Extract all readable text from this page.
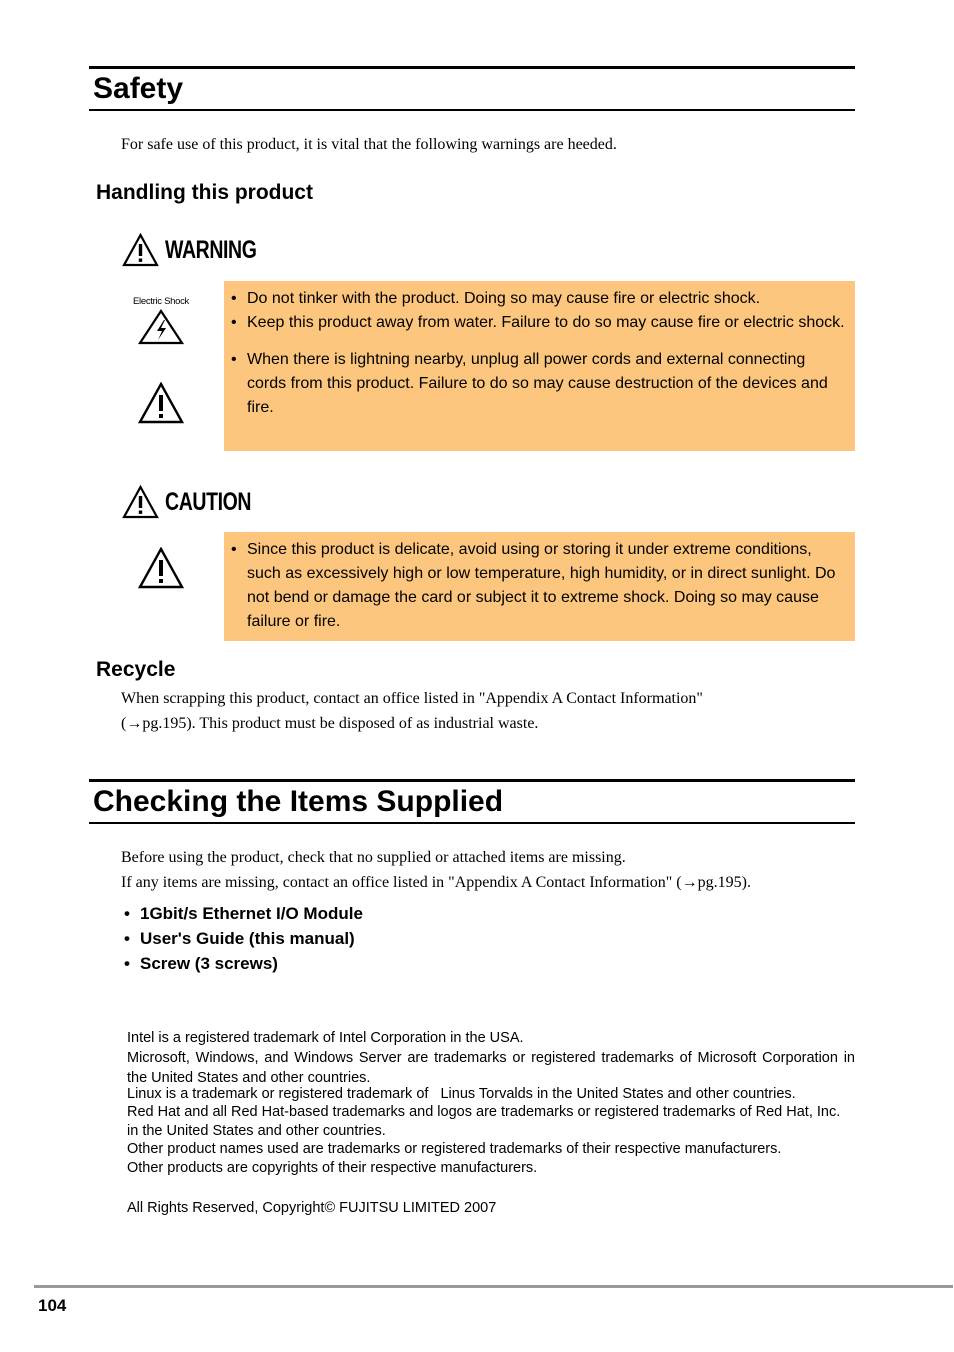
Safety
For safe use of this product, it is vital that the following warnings are heeded.
Handling this product
WARNING
Electric Shock	• Do not tinker with the product. Doing so may cause fire or electric shock.
• Keep this product away from water. Failure to do so may cause fire or electric shock.
• When there is lightning nearby, unplug all power cords and external connecting cords from this product. Failure to do so may cause destruction of the devices and fire.
CAUTION
• Since this product is delicate, avoid using or storing it under extreme conditions, such as excessively high or low temperature, high humidity, or in direct sunlight. Do not bend or damage the card or subject it to extreme shock. Doing so may cause failure or fire.
Recycle
When scrapping this product, contact an office listed in "Appendix A Contact Information"
(→pg.195). This product must be disposed of as industrial waste.
Checking the Items Supplied
Before using the product, check that no supplied or attached items are missing.
If any items are missing, contact an office listed in "Appendix A Contact Information" (→pg.195).
• 1Gbit/s Ethernet I/O Module
• User's Guide (this manual)
• Screw (3 screws)

Intel is a registered trademark of Intel Corporation in the USA.

Microsoft, Windows, and Windows Server are trademarks or registered trademarks of Microsoft Corporation in the United States and other countries.

Linux is a trademark or registered trademark of   Linus Torvalds in the United States and other countries.

Red Hat and all Red Hat-based trademarks and logos are trademarks or registered trademarks of Red Hat, Inc. in the United States and other countries.

Other product names used are trademarks or registered trademarks of their respective manufacturers.

Other products are copyrights of their respective manufacturers.

All Rights Reserved, Copyright© FUJITSU LIMITED 2007
104
